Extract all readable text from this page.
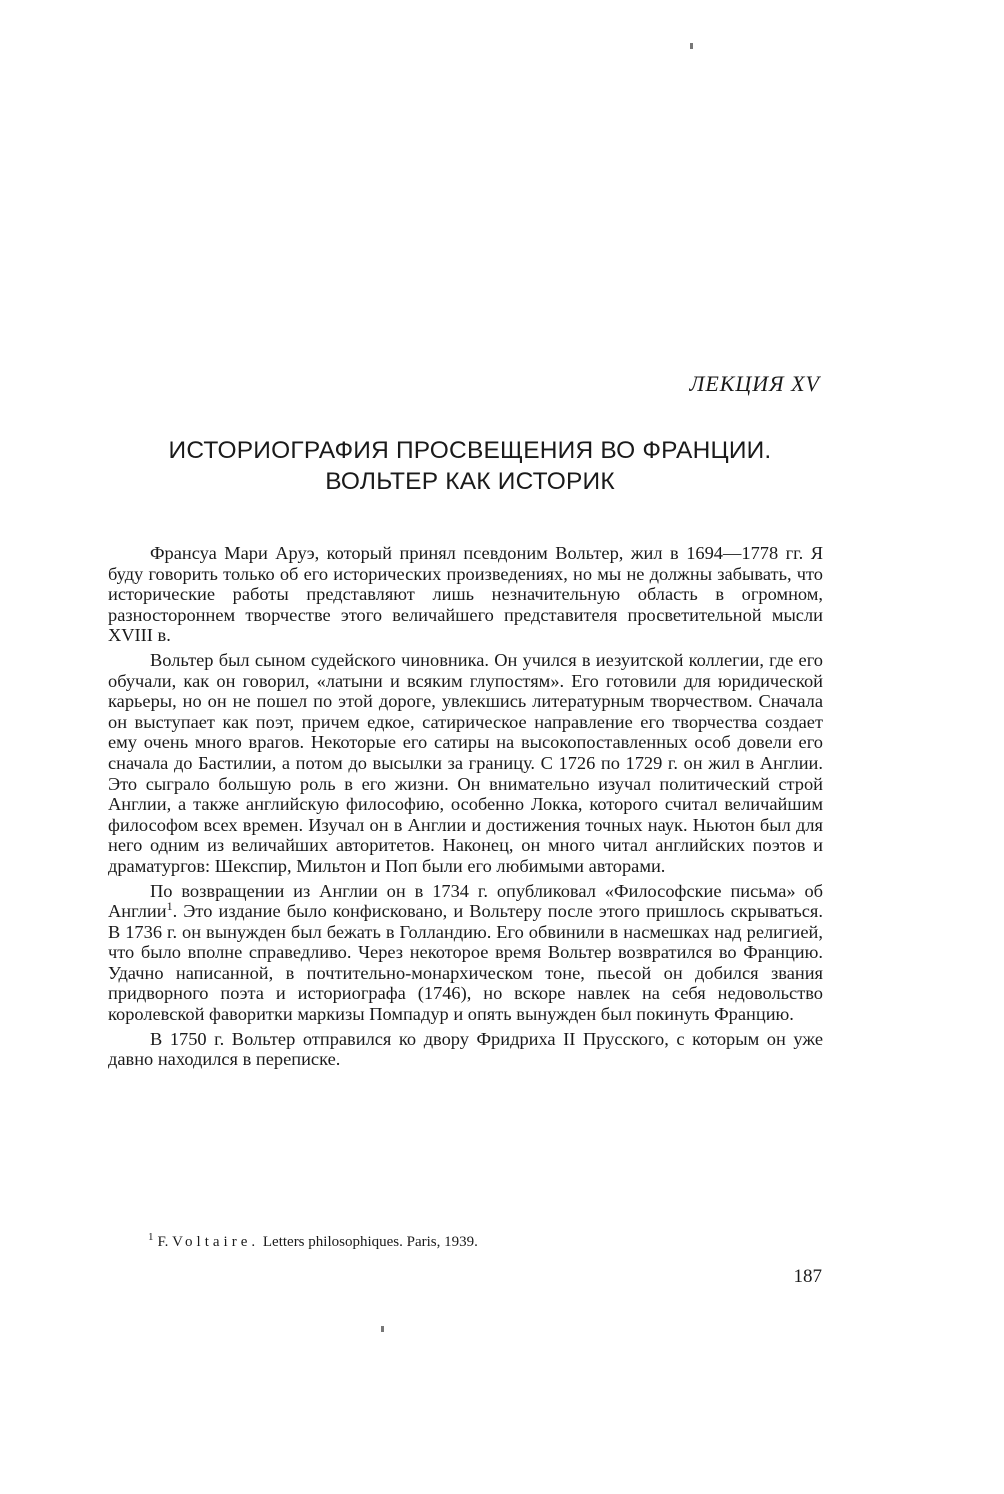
ЛЕКЦИЯ XV

ИСТОРИОГРАФИЯ ПРОСВЕЩЕНИЯ ВО ФРАНЦИИ.
ВОЛЬТЕР КАК ИСТОРИК

Франсуа Мари Аруэ, который принял псевдоним Вольтер, жил в 1694—1778 гг. Я буду говорить только об его исторических произведениях, но мы не должны забывать, что исторические работы представляют лишь незначительную область в огромном, разностороннем творчестве этого величайшего представителя просветительной мысли XVIII в.

Вольтер был сыном судейского чиновника. Он учился в иезуитской коллегии, где его обучали, как он говорил, «латыни и всяким глупостям». Его готовили для юридической карьеры, но он не пошел по этой дороге, увлекшись литературным творчеством. Сначала он выступает как поэт, причем едкое, сатирическое направление его творчества создает ему очень много врагов. Некоторые его сатиры на высокопоставленных особ довели его сначала до Бастилии, а потом до высылки за границу. С 1726 по 1729 г. он жил в Англии. Это сыграло большую роль в его жизни. Он внимательно изучал политический строй Англии, а также английскую философию, особенно Локка, которого считал величайшим философом всех времен. Изучал он в Англии и достижения точных наук. Ньютон был для него одним из величайших авторитетов. Наконец, он много читал английских поэтов и драматургов: Шекспир, Мильтон и Поп были его любимыми авторами.

По возвращении из Англии он в 1734 г. опубликовал «Философские письма» об Англии$^1$. Это издание было конфисковано, и Вольтеру после этого пришлось скрываться. В 1736 г. он вынужден был бежать в Голландию. Его обвинили в насмешках над религией, что было вполне справедливо. Через некоторое время Вольтер возвратился во Францию. Удачно написанной, в почтительно-монархическом тоне, пьесой он добился звания придворного поэта и историографа (1746), но вскоре навлек на себя недовольство королевской фаворитки маркизы Помпадур и опять вынужден был покинуть Францию.

В 1750 г. Вольтер отправился ко двору Фридриха II Прусского, с которым он уже давно находился в переписке.

$^1$ F. Voltaire. Letters philosophiques. Paris, 1939.

187
